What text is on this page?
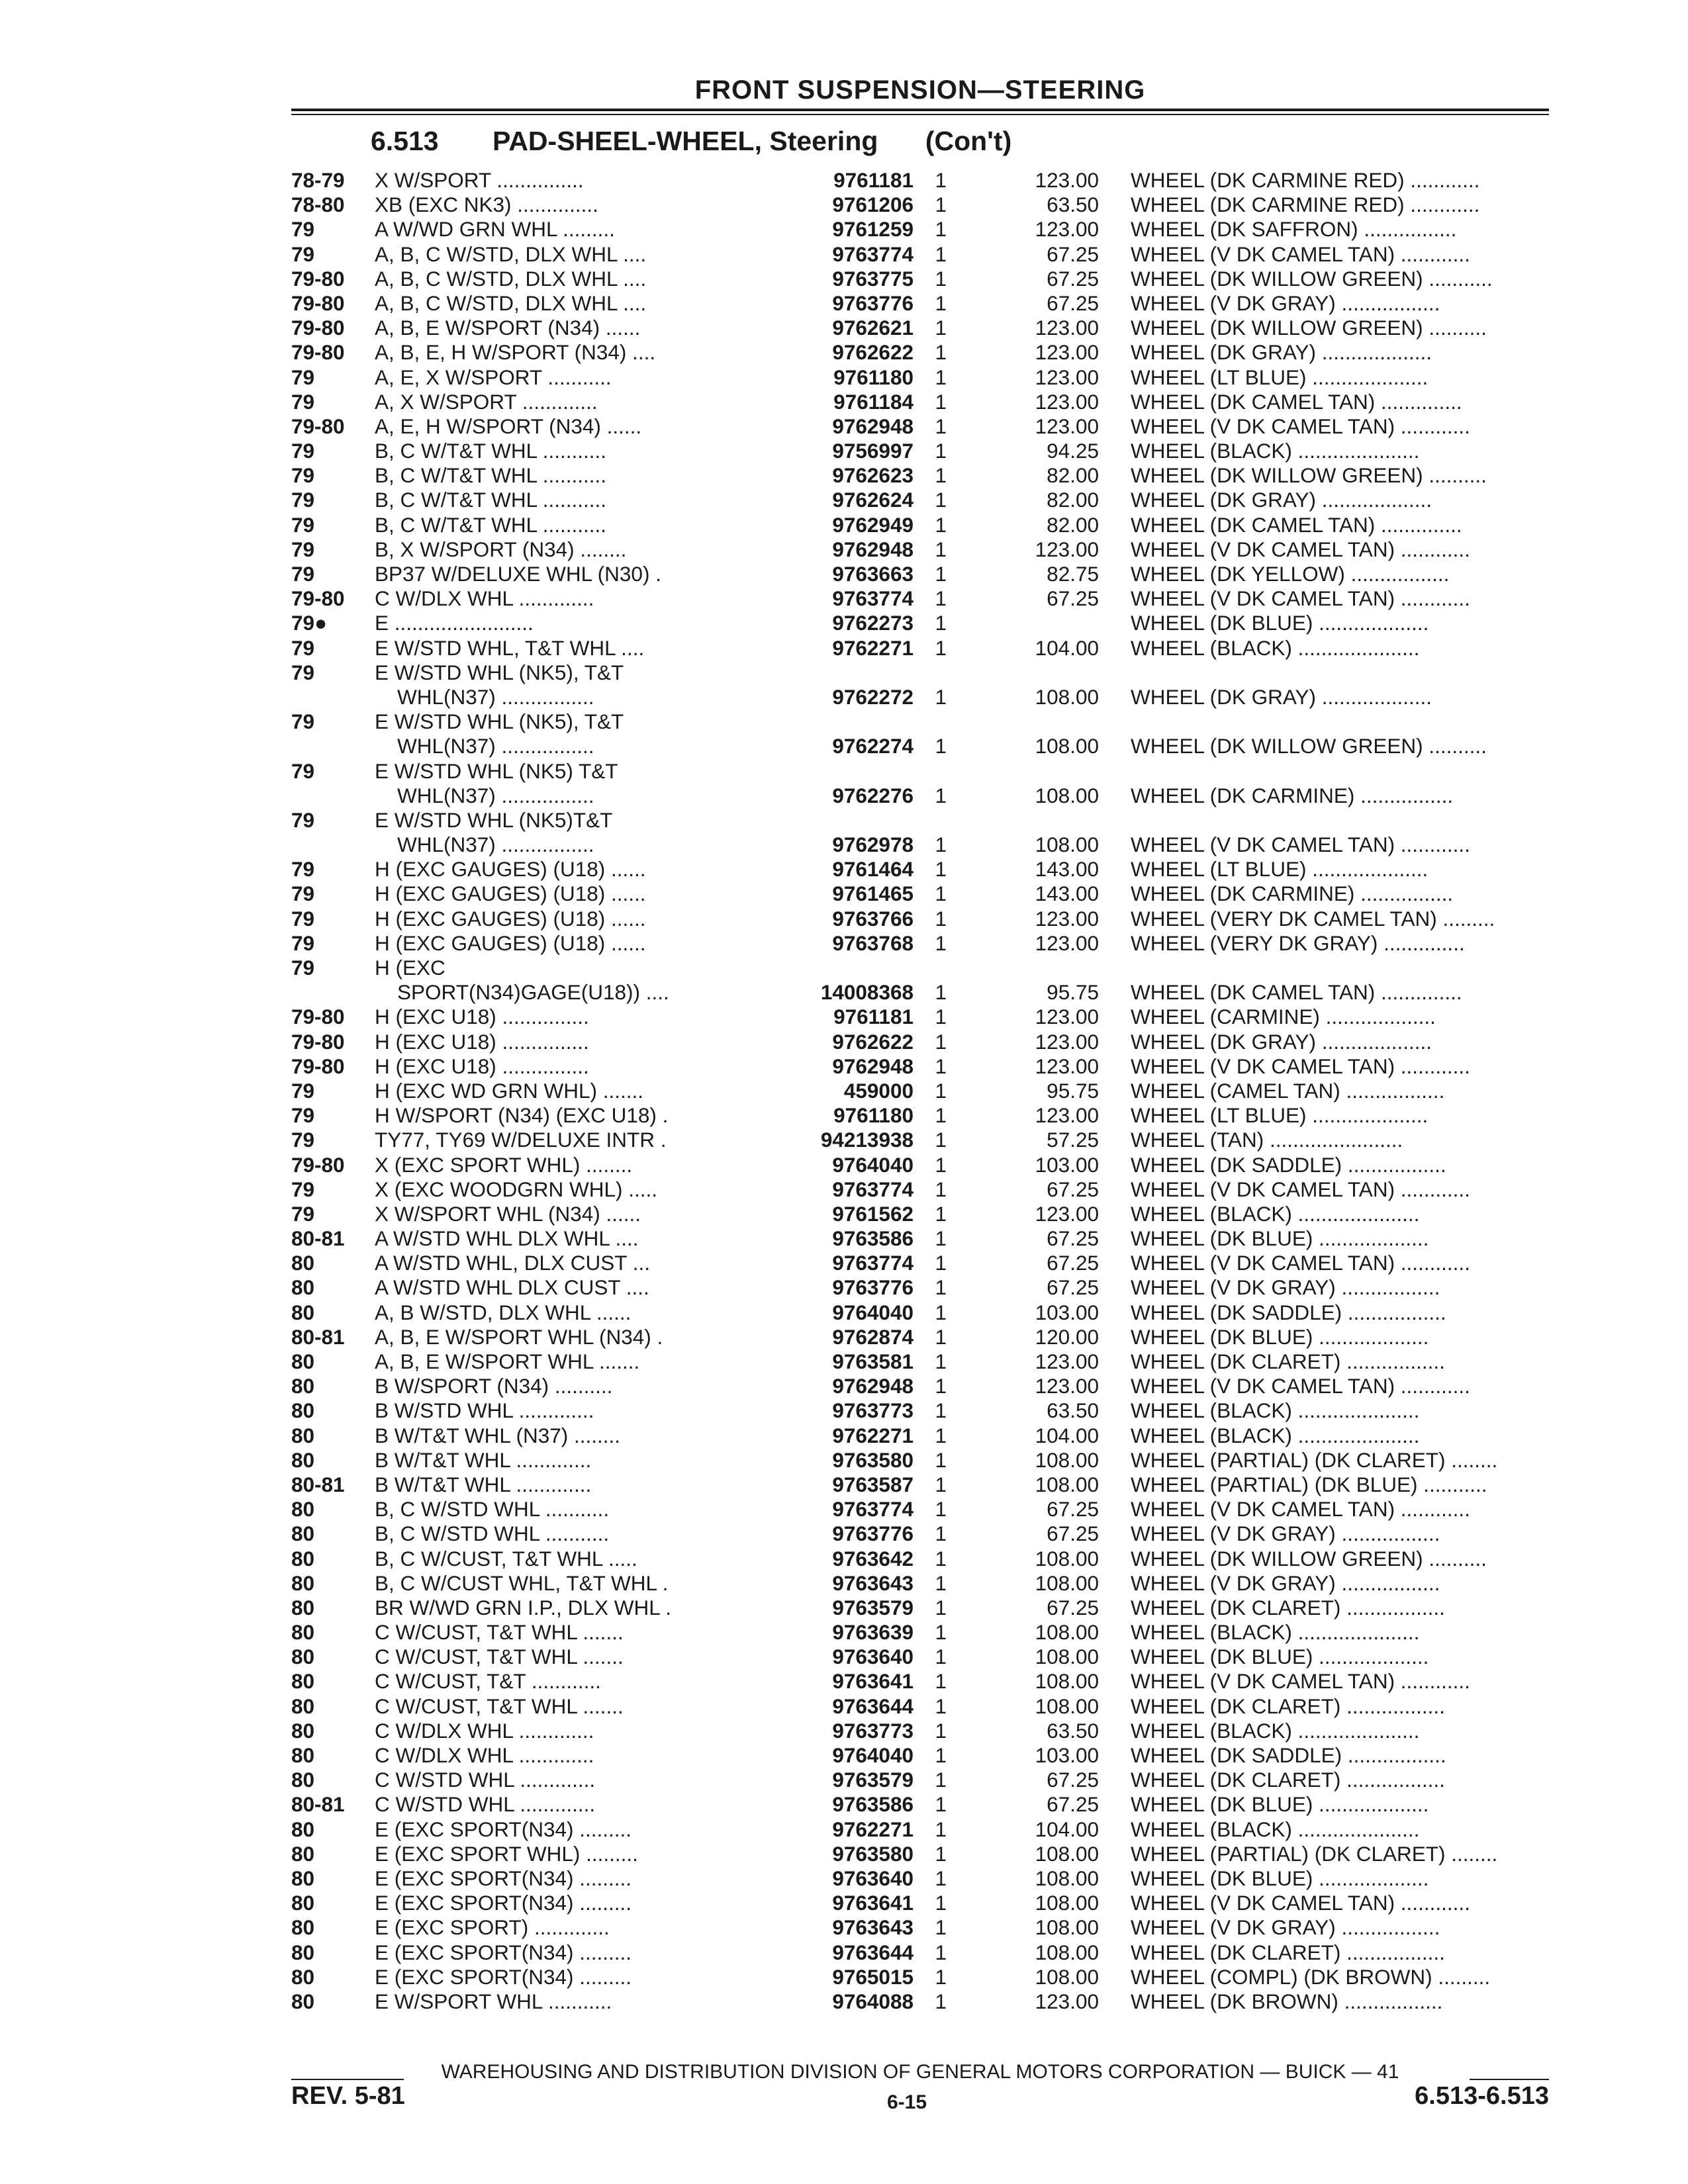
FRONT SUSPENSION—STEERING
6.513 PAD-SHEEL-WHEEL, Steering (Con't)
78-79 X W/SPORT ...............	9761181	1	123.00 WHEEL (DK CARMINE RED) ............
78-80 XB (EXC NK3) ..............	9761206	1	63.50 WHEEL (DK CARMINE RED) ............
79	A W/WD GRN WHL .........	9761259	1	123.00 WHEEL (DK SAFFRON) ................
79	A, B, C W/STD, DLX WHL ....	9763774	1	67.25 WHEEL (V DK CAMEL TAN) ............
79-80 A, B, C W/STD, DLX WHL ....	9763775	1	67.25 WHEEL (DK WILLOW GREEN) ...........
79-80 A, B, C W/STD, DLX WHL ....	9763776	1	67.25 WHEEL (V DK GRAY) .................
79-80 A, B, E W/SPORT (N34) ......	9762621	1	123.00 WHEEL (DK WILLOW GREEN) ..........
79-80 A, B, E, H W/SPORT (N34) ....	9762622	1	123.00 WHEEL (DK GRAY) ...................
79	A, E, X W/SPORT ...........	9761180	1	123.00 WHEEL (LT BLUE) ....................
79	A, X W/SPORT .............	9761184	1	123.00 WHEEL (DK CAMEL TAN) ..............
79-80 A, E, H W/SPORT (N34) ......	9762948	1	123.00 WHEEL (V DK CAMEL TAN) ............
79	B, C W/T&T WHL ...........	9756997	1	94.25 WHEEL (BLACK) .....................
79	B, C W/T&T WHL ...........	9762623	1	82.00 WHEEL (DK WILLOW GREEN) ..........
79	B, C W/T&T WHL ...........	9762624	1	82.00 WHEEL (DK GRAY) ...................
79	B, C W/T&T WHL ...........	9762949	1	82.00 WHEEL (DK CAMEL TAN) ..............
79	B, X W/SPORT (N34) ........	9762948	1	123.00 WHEEL (V DK CAMEL TAN) ............
79	BP37 W/DELUXE WHL (N30) .	9763663	1	82.75 WHEEL (DK YELLOW) .................
79-80 C W/DLX WHL .............	9763774	1	67.25 WHEEL (V DK CAMEL TAN) ............
79● E ........................	9762273	1	WHEEL (DK BLUE) ...................
79	E W/STD WHL, T&T WHL ....	9762271	1	104.00 WHEEL (BLACK) .....................
79	E W/STD WHL (NK5), T&T
WHL(N37) ................	9762272	1	108.00 WHEEL (DK GRAY) ...................
79	E W/STD WHL (NK5), T&T
WHL(N37) ................	9762274	1	108.00 WHEEL (DK WILLOW GREEN) ..........
79	E W/STD WHL (NK5) T&T
WHL(N37) ................	9762276	1	108.00 WHEEL (DK CARMINE) ................
79	E W/STD WHL (NK5)T&T
WHL(N37) ................	9762978	1	108.00 WHEEL (V DK CAMEL TAN) ............
79	H (EXC GAUGES) (U18) ......	9761464	1	143.00 WHEEL (LT BLUE) ....................
79	H (EXC GAUGES) (U18) ......	9761465	1	143.00 WHEEL (DK CARMINE) ................
79	H (EXC GAUGES) (U18) ......	9763766	1	123.00 WHEEL (VERY DK CAMEL TAN) .........
79	H (EXC GAUGES) (U18) ......	9763768	1	123.00 WHEEL (VERY DK GRAY) ..............
79	H (EXC
SPORT(N34)GAGE(U18)) ....	14008368	1	95.75 WHEEL (DK CAMEL TAN) ..............
79-80 H (EXC U18) ...............	9761181	1	123.00 WHEEL (CARMINE) ...................
79-80 H (EXC U18) ...............	9762622	1	123.00 WHEEL (DK GRAY) ...................
79-80 H (EXC U18) ...............	9762948	1	123.00 WHEEL (V DK CAMEL TAN) ............
79	H (EXC WD GRN WHL) .......	459000	1	95.75 WHEEL (CAMEL TAN) .................
79	H W/SPORT (N34) (EXC U18) .	9761180	1	123.00 WHEEL (LT BLUE) ....................
79	TY77, TY69 W/DELUXE INTR .	94213938	1	57.25 WHEEL (TAN) .......................
79-80 X (EXC SPORT WHL) ........	9764040	1	103.00 WHEEL (DK SADDLE) .................
79	X (EXC WOODGRN WHL) .....	9763774	1	67.25 WHEEL (V DK CAMEL TAN) ............
79	X W/SPORT WHL (N34) ......	9761562	1	123.00 WHEEL (BLACK) .....................
80-81 A W/STD WHL DLX WHL ....	9763586	1	67.25 WHEEL (DK BLUE) ...................
80	A W/STD WHL, DLX CUST ...	9763774	1	67.25 WHEEL (V DK CAMEL TAN) ............
80	A W/STD WHL DLX CUST ....	9763776	1	67.25 WHEEL (V DK GRAY) .................
80	A, B W/STD, DLX WHL ......	9764040	1	103.00 WHEEL (DK SADDLE) .................
80-81 A, B, E W/SPORT WHL (N34) .	9762874	1	120.00 WHEEL (DK BLUE) ...................
80	A, B, E W/SPORT WHL .......	9763581	1	123.00 WHEEL (DK CLARET) .................
80	B W/SPORT (N34) ..........	9762948	1	123.00 WHEEL (V DK CAMEL TAN) ............
80	B W/STD WHL .............	9763773	1	63.50 WHEEL (BLACK) .....................
80	B W/T&T WHL (N37) ........	9762271	1	104.00 WHEEL (BLACK) .....................
80	B W/T&T WHL .............	9763580	1	108.00 WHEEL (PARTIAL) (DK CLARET) ........
80-81 B W/T&T WHL .............	9763587	1	108.00 WHEEL (PARTIAL) (DK BLUE) ...........
80	B, C W/STD WHL ...........	9763774	1	67.25 WHEEL (V DK CAMEL TAN) ............
80	B, C W/STD WHL ...........	9763776	1	67.25 WHEEL (V DK GRAY) .................
80	B, C W/CUST, T&T WHL .....	9763642	1	108.00 WHEEL (DK WILLOW GREEN) ..........
80	B, C W/CUST WHL, T&T WHL .	9763643	1	108.00 WHEEL (V DK GRAY) .................
80	BR W/WD GRN I.P., DLX WHL .	9763579	1	67.25 WHEEL (DK CLARET) .................
80	C W/CUST, T&T WHL .......	9763639	1	108.00 WHEEL (BLACK) .....................
80	C W/CUST, T&T WHL .......	9763640	1	108.00 WHEEL (DK BLUE) ...................
80	C W/CUST, T&T ............	9763641	1	108.00 WHEEL (V DK CAMEL TAN) ............
80	C W/CUST, T&T WHL .......	9763644	1	108.00 WHEEL (DK CLARET) .................
80	C W/DLX WHL .............	9763773	1	63.50 WHEEL (BLACK) .....................
80	C W/DLX WHL .............	9764040	1	103.00 WHEEL (DK SADDLE) .................
80	C W/STD WHL .............	9763579	1	67.25 WHEEL (DK CLARET) .................
80-81 C W/STD WHL .............	9763586	1	67.25 WHEEL (DK BLUE) ...................
80	E (EXC SPORT(N34) .........	9762271	1	104.00 WHEEL (BLACK) .....................
80	E (EXC SPORT WHL) .........	9763580	1	108.00 WHEEL (PARTIAL) (DK CLARET) ........
80	E (EXC SPORT(N34) .........	9763640	1	108.00 WHEEL (DK BLUE) ...................
80	E (EXC SPORT(N34) .........	9763641	1	108.00 WHEEL (V DK CAMEL TAN) ............
80	E (EXC SPORT) .............	9763643	1	108.00 WHEEL (V DK GRAY) .................
80	E (EXC SPORT(N34) .........	9763644	1	108.00 WHEEL (DK CLARET) .................
80	E (EXC SPORT(N34) .........	9765015	1	108.00 WHEEL (COMPL) (DK BROWN) .........
80	E W/SPORT WHL ...........	9764088	1	123.00 WHEEL (DK BROWN) .................
WAREHOUSING AND DISTRIBUTION DIVISION OF GENERAL MOTORS CORPORATION — BUICK — 41
REV. 5-81	6-15	6.513-6.513
